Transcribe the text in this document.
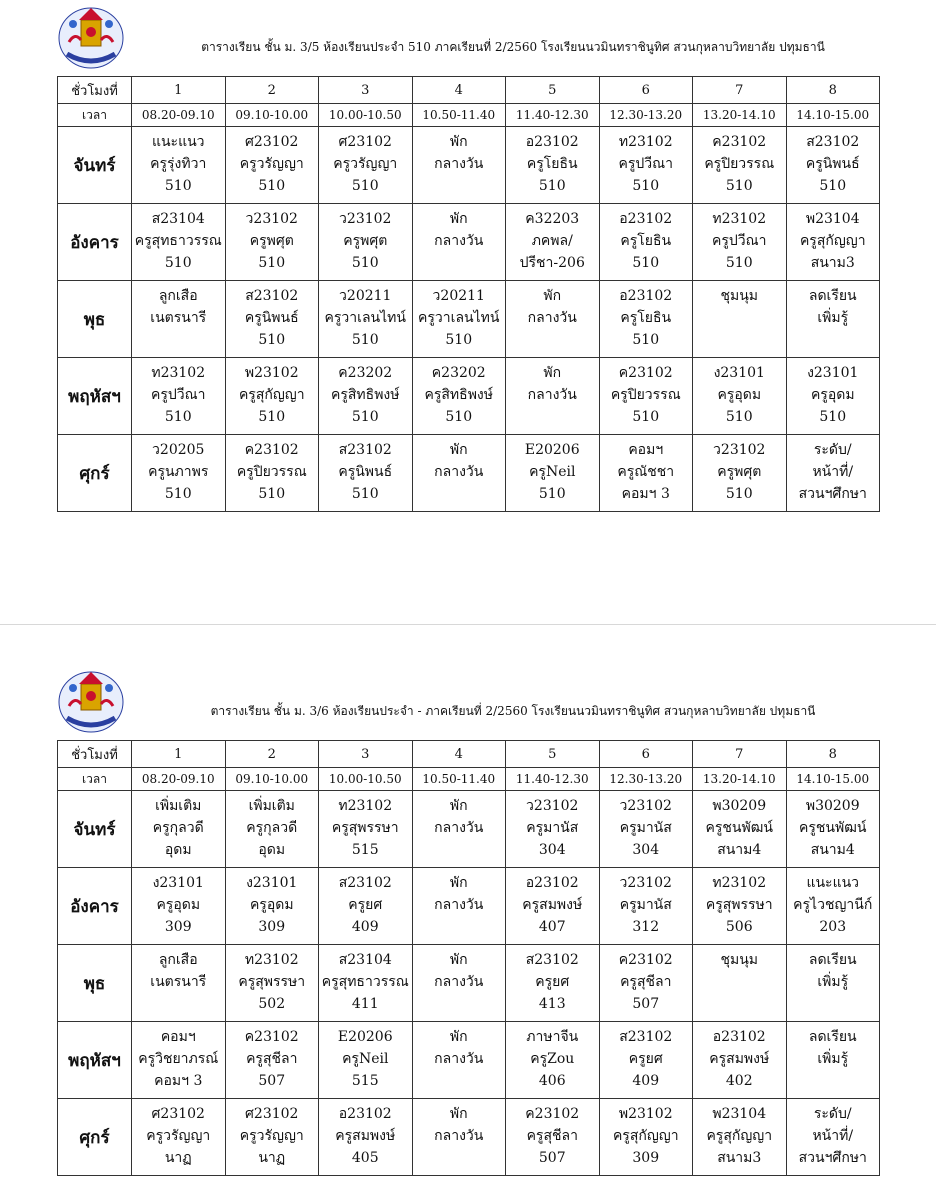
ตารางเรียน ชั้น ม. 3/5 ห้องเรียนประจำ 510 ภาคเรียนที่ 2/2560 โรงเรียนนวมินทราชินูทิศ สวนกุหลาบวิทยาลัย ปทุมธานี
ชั่วโมงที่	1	2	3	4	5	6	7	8
เวลา	08.20-09.10	09.10-10.00	10.00-10.50	10.50-11.40	11.40-12.30	12.30-13.20	13.20-14.10	14.10-15.00
จันทร์	แนะแนว
ครูรุ่งทิวา
510	ศ23102
ครูวรัญญา
510	ศ23102
ครูวรัญญา
510	พัก
กลางวัน	อ23102
ครูโยธิน
510	ท23102
ครูปวีณา
510	ค23102
ครูปิยวรรณ
510	ส23102
ครูนิพนธ์
510

อังคาร	ส23104
ครูสุทธาวรรณ
510	ว23102
ครูพศุต
510	ว23102
ครูพศุต
510	พัก
กลางวัน	ค32203
ภคพล/
ปรีชา-206	อ23102
ครูโยธิน
510	ท23102
ครูปวีณา
510	พ23104
ครูสุกัญญา
สนาม3

พุธ	ลูกเสือ
เนตรนารี	ส23102
ครูนิพนธ์
510	ว20211
ครูวาเลนไทน์
510	ว20211
ครูวาเลนไทน์
510	พัก
กลางวัน	อ23102
ครูโยธิน
510	ชุมนุม	ลดเรียน
เพิ่มรู้

พฤหัสฯ	ท23102
ครูปวีณา
510	พ23102
ครูสุกัญญา
510	ค23202
ครูสิทธิพงษ์
510	ค23202
ครูสิทธิพงษ์
510	พัก
กลางวัน	ค23102
ครูปิยวรรณ
510	ง23101
ครูอุดม
510	ง23101
ครูอุดม
510

ศุกร์	ว20205
ครูนภาพร
510	ค23102
ครูปิยวรรณ
510	ส23102
ครูนิพนธ์
510	พัก
กลางวัน	E20206
ครูNeil
510	คอมฯ
ครูณัชชา
คอมฯ 3	ว23102
ครูพศุต
510	ระดับ/
หน้าที่/
สวนฯศึกษา
ตารางเรียน ชั้น ม. 3/6 ห้องเรียนประจำ - ภาคเรียนที่ 2/2560 โรงเรียนนวมินทราชินูทิศ สวนกุหลาบวิทยาลัย ปทุมธานี
ชั่วโมงที่	1	2	3	4	5	6	7	8
เวลา	08.20-09.10	09.10-10.00	10.00-10.50	10.50-11.40	11.40-12.30	12.30-13.20	13.20-14.10	14.10-15.00
จันทร์	เพิ่มเติม
ครูกุลวดี
อุดม	เพิ่มเติม
ครูกุลวดี
อุดม	ท23102
ครูสุพรรษา
515	พัก
กลางวัน	ว23102
ครูมานัส
304	ว23102
ครูมานัส
304	พ30209
ครูชนพัฒน์
สนาม4	พ30209
ครูชนพัฒน์
สนาม4

อังคาร	ง23101
ครูอุดม
309	ง23101
ครูอุดม
309	ส23102
ครูยศ
409	พัก
กลางวัน	อ23102
ครูสมพงษ์
407	ว23102
ครูมานัส
312	ท23102
ครูสุพรรษา
506	แนะแนว
ครูไวชญานีก์
203

พุธ	ลูกเสือ
เนตรนารี	ท23102
ครูสุพรรษา
502	ส23104
ครูสุทธาวรรณ
411	พัก
กลางวัน	ส23102
ครูยศ
413	ค23102
ครูสุชีลา
507	ชุมนุม	ลดเรียน
เพิ่มรู้

พฤหัสฯ	คอมฯ
ครูวิชยาภรณ์
คอมฯ 3	ค23102
ครูสุชีลา
507	E20206
ครูNeil
515	พัก
กลางวัน	ภาษาจีน
ครูZou
406	ส23102
ครูยศ
409	อ23102
ครูสมพงษ์
402	ลดเรียน
เพิ่มรู้

ศุกร์	ศ23102
ครูวรัญญา
นาฏ	ศ23102
ครูวรัญญา
นาฏ	อ23102
ครูสมพงษ์
405	พัก
กลางวัน	ค23102
ครูสุชีลา
507	พ23102
ครูสุกัญญา
309	พ23104
ครูสุกัญญา
สนาม3	ระดับ/
หน้าที่/
สวนฯศึกษา
